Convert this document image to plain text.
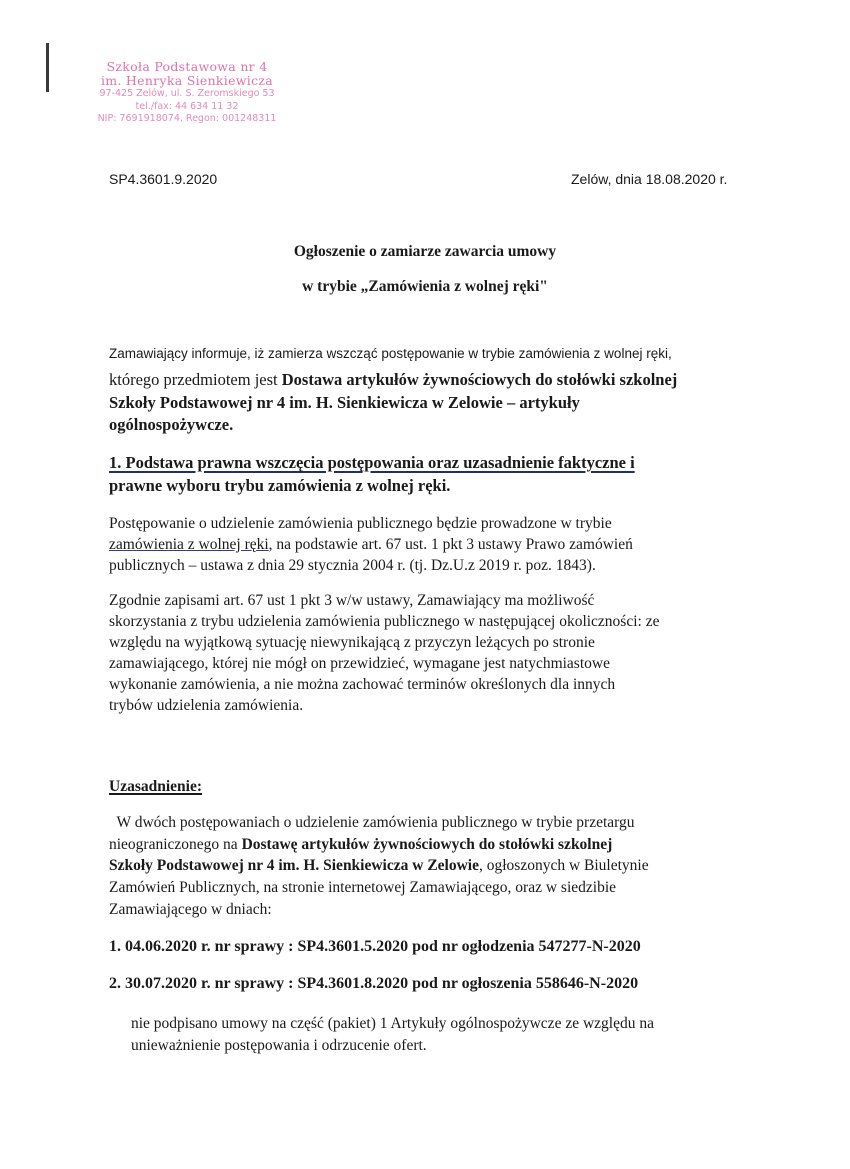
Szkoła Podstawowa nr 4
im. Henryka Sienkiewicza
97-425 Zelów, ul. S. Żeromskiego 53
tel./fax: 44 634 11 32
NIP: 7691918074, Regon: 001248311
SP4.3601.9.2020	Zelów, dnia 18.08.2020 r.
Ogłoszenie o zamiarze zawarcia umowy
w trybie „Zamówienia z wolnej ręki"
Zamawiający informuje, iż zamierza wszcząć postępowanie w trybie zamówienia z wolnej ręki,
którego przedmiotem jest Dostawa artykułów żywnościowych do stołówki szkolnej
Szkoły Podstawowej nr 4 im. H. Sienkiewicza w Zelowie – artykuły
ogólnospożywcze.
1. Podstawa prawna wszczęcia postępowania oraz uzasadnienie faktyczne i
prawne wyboru trybu zamówienia z wolnej ręki.
Postępowanie o udzielenie zamówienia publicznego będzie prowadzone w trybie
zamówienia z wolnej ręki, na podstawie art. 67 ust. 1 pkt 3 ustawy Prawo zamówień
publicznych – ustawa z dnia 29 stycznia 2004 r. (tj. Dz.U.z 2019 r. poz. 1843).
Zgodnie zapisami art. 67 ust 1 pkt 3 w/w ustawy, Zamawiający ma możliwość
skorzystania z trybu udzielenia zamówienia publicznego w następującej okoliczności: ze
względu na wyjątkową sytuację niewynikającą z przyczyn leżących po stronie
zamawiającego, której nie mógł on przewidzieć, wymagane jest natychmiastowe
wykonanie zamówienia, a nie można zachować terminów określonych dla innych
trybów udzielenia zamówienia.
Uzasadnienie:
W dwóch postępowaniach o udzielenie zamówienia publicznego w trybie przetargu
nieograniczonego na Dostawę artykułów żywnościowych do stołówki szkolnej
Szkoły Podstawowej nr 4 im. H. Sienkiewicza w Zelowie, ogłoszonych w Biuletynie
Zamówień Publicznych, na stronie internetowej Zamawiającego, oraz w siedzibie
Zamawiającego w dniach:
1. 04.06.2020 r. nr sprawy : SP4.3601.5.2020 pod nr ogłodzenia 547277-N-2020
2. 30.07.2020 r. nr sprawy : SP4.3601.8.2020 pod nr ogłoszenia 558646-N-2020
nie podpisano umowy na część (pakiet) 1 Artykuły ogólnospożywcze ze względu na
unieważnienie postępowania i odrzucenie ofert.
